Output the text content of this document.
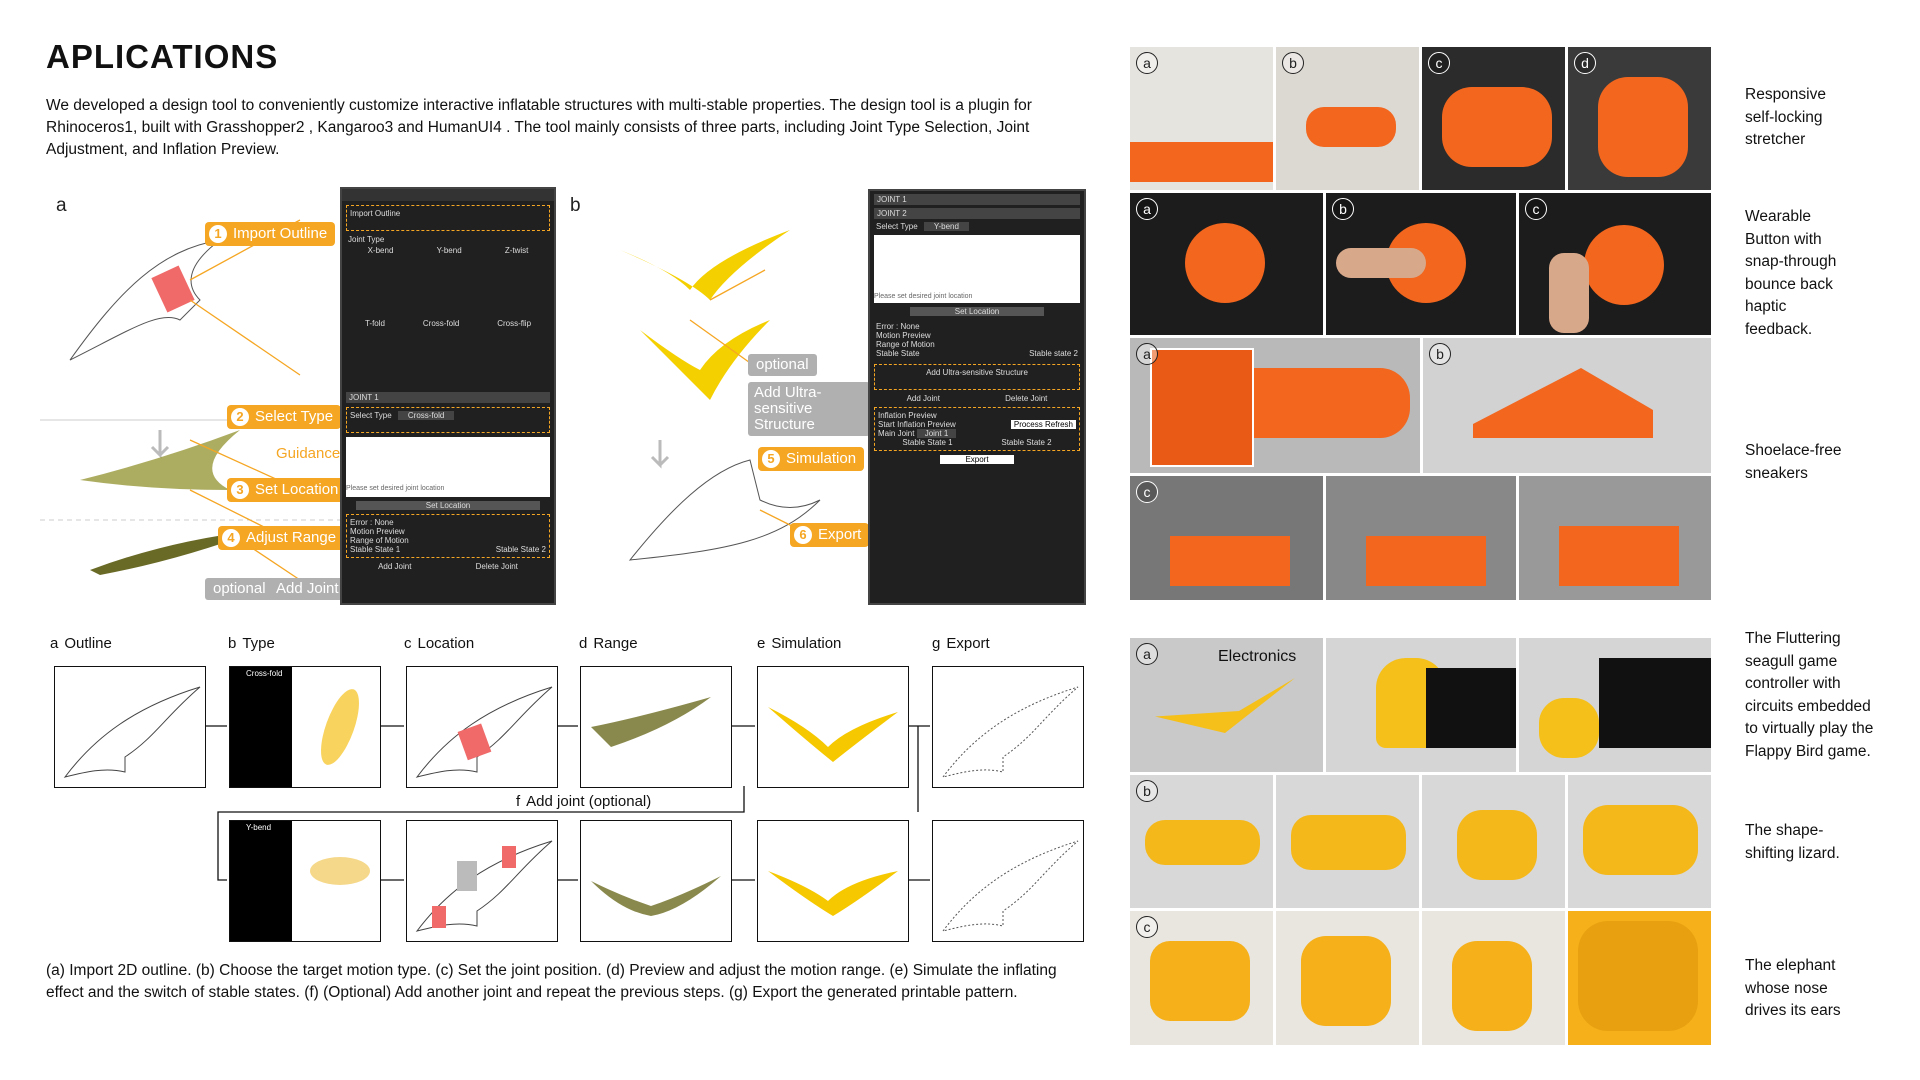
APLICATIONS
We developed a design tool to conveniently customize interactive inflatable structures with multi-stable properties. The design tool is a plugin for Rhinoceros1, built with Grasshopper2 , Kangaroo3 and HumanUI4 . The tool mainly consists of three parts, including Joint Type Selection, Joint Adjustment, and Inflation Preview.
a
1 Import Outline
2 Select Type
Guidance
3 Set Location
4 Adjust Range
optional Add Joint
Import Outline
Joint Type
X-bend	Y-bend	Z-twist
T-fold	Cross-fold	Cross-flip
JOINT 1
Select Type Cross-fold
Please set desired joint location
Set Location
Error : None
Motion Preview
Range of Motion
Stable State 1	Stable State 2
Add Joint	Delete Joint
b
optional
Add Ultra-sensitive Structure
5 Simulation
6 Export
JOINT 1
JOINT 2
Select Type Y-bend
Please set desired joint location
Set Location
Error : None
Motion Preview
Range of Motion
Stable State	Stable state 2
Add Ultra-sensitive Structure
Add Joint	Delete Joint
Inflation Preview
Start Inflation Preview	Process Refresh
Main Joint Joint 1
Stable State 1	Stable State 2
Export
a Outline	b Type	c Location	d Range	e Simulation	g Export
Cross-fold
f Add joint (optional)
Y-bend
(a) Import 2D outline. (b) Choose the target motion type. (c) Set the joint position. (d) Preview and adjust the motion range. (e) Simulate the inflating effect and the switch of stable states. (f) (Optional) Add another joint and repeat the previous steps. (g) Export the generated printable pattern.
a	b	c	d
a	b	c
a	b
c
Electronics
a
b
c
Responsive
self-locking
stretcher
Wearable
Button with
snap-through
bounce back
haptic
feedback.
Shoelace-free
sneakers
The Fluttering
seagull game
controller with
circuits embedded
to virtually play the
Flappy Bird game.
The shape-
shifting lizard.
The elephant
whose nose
drives its ears
